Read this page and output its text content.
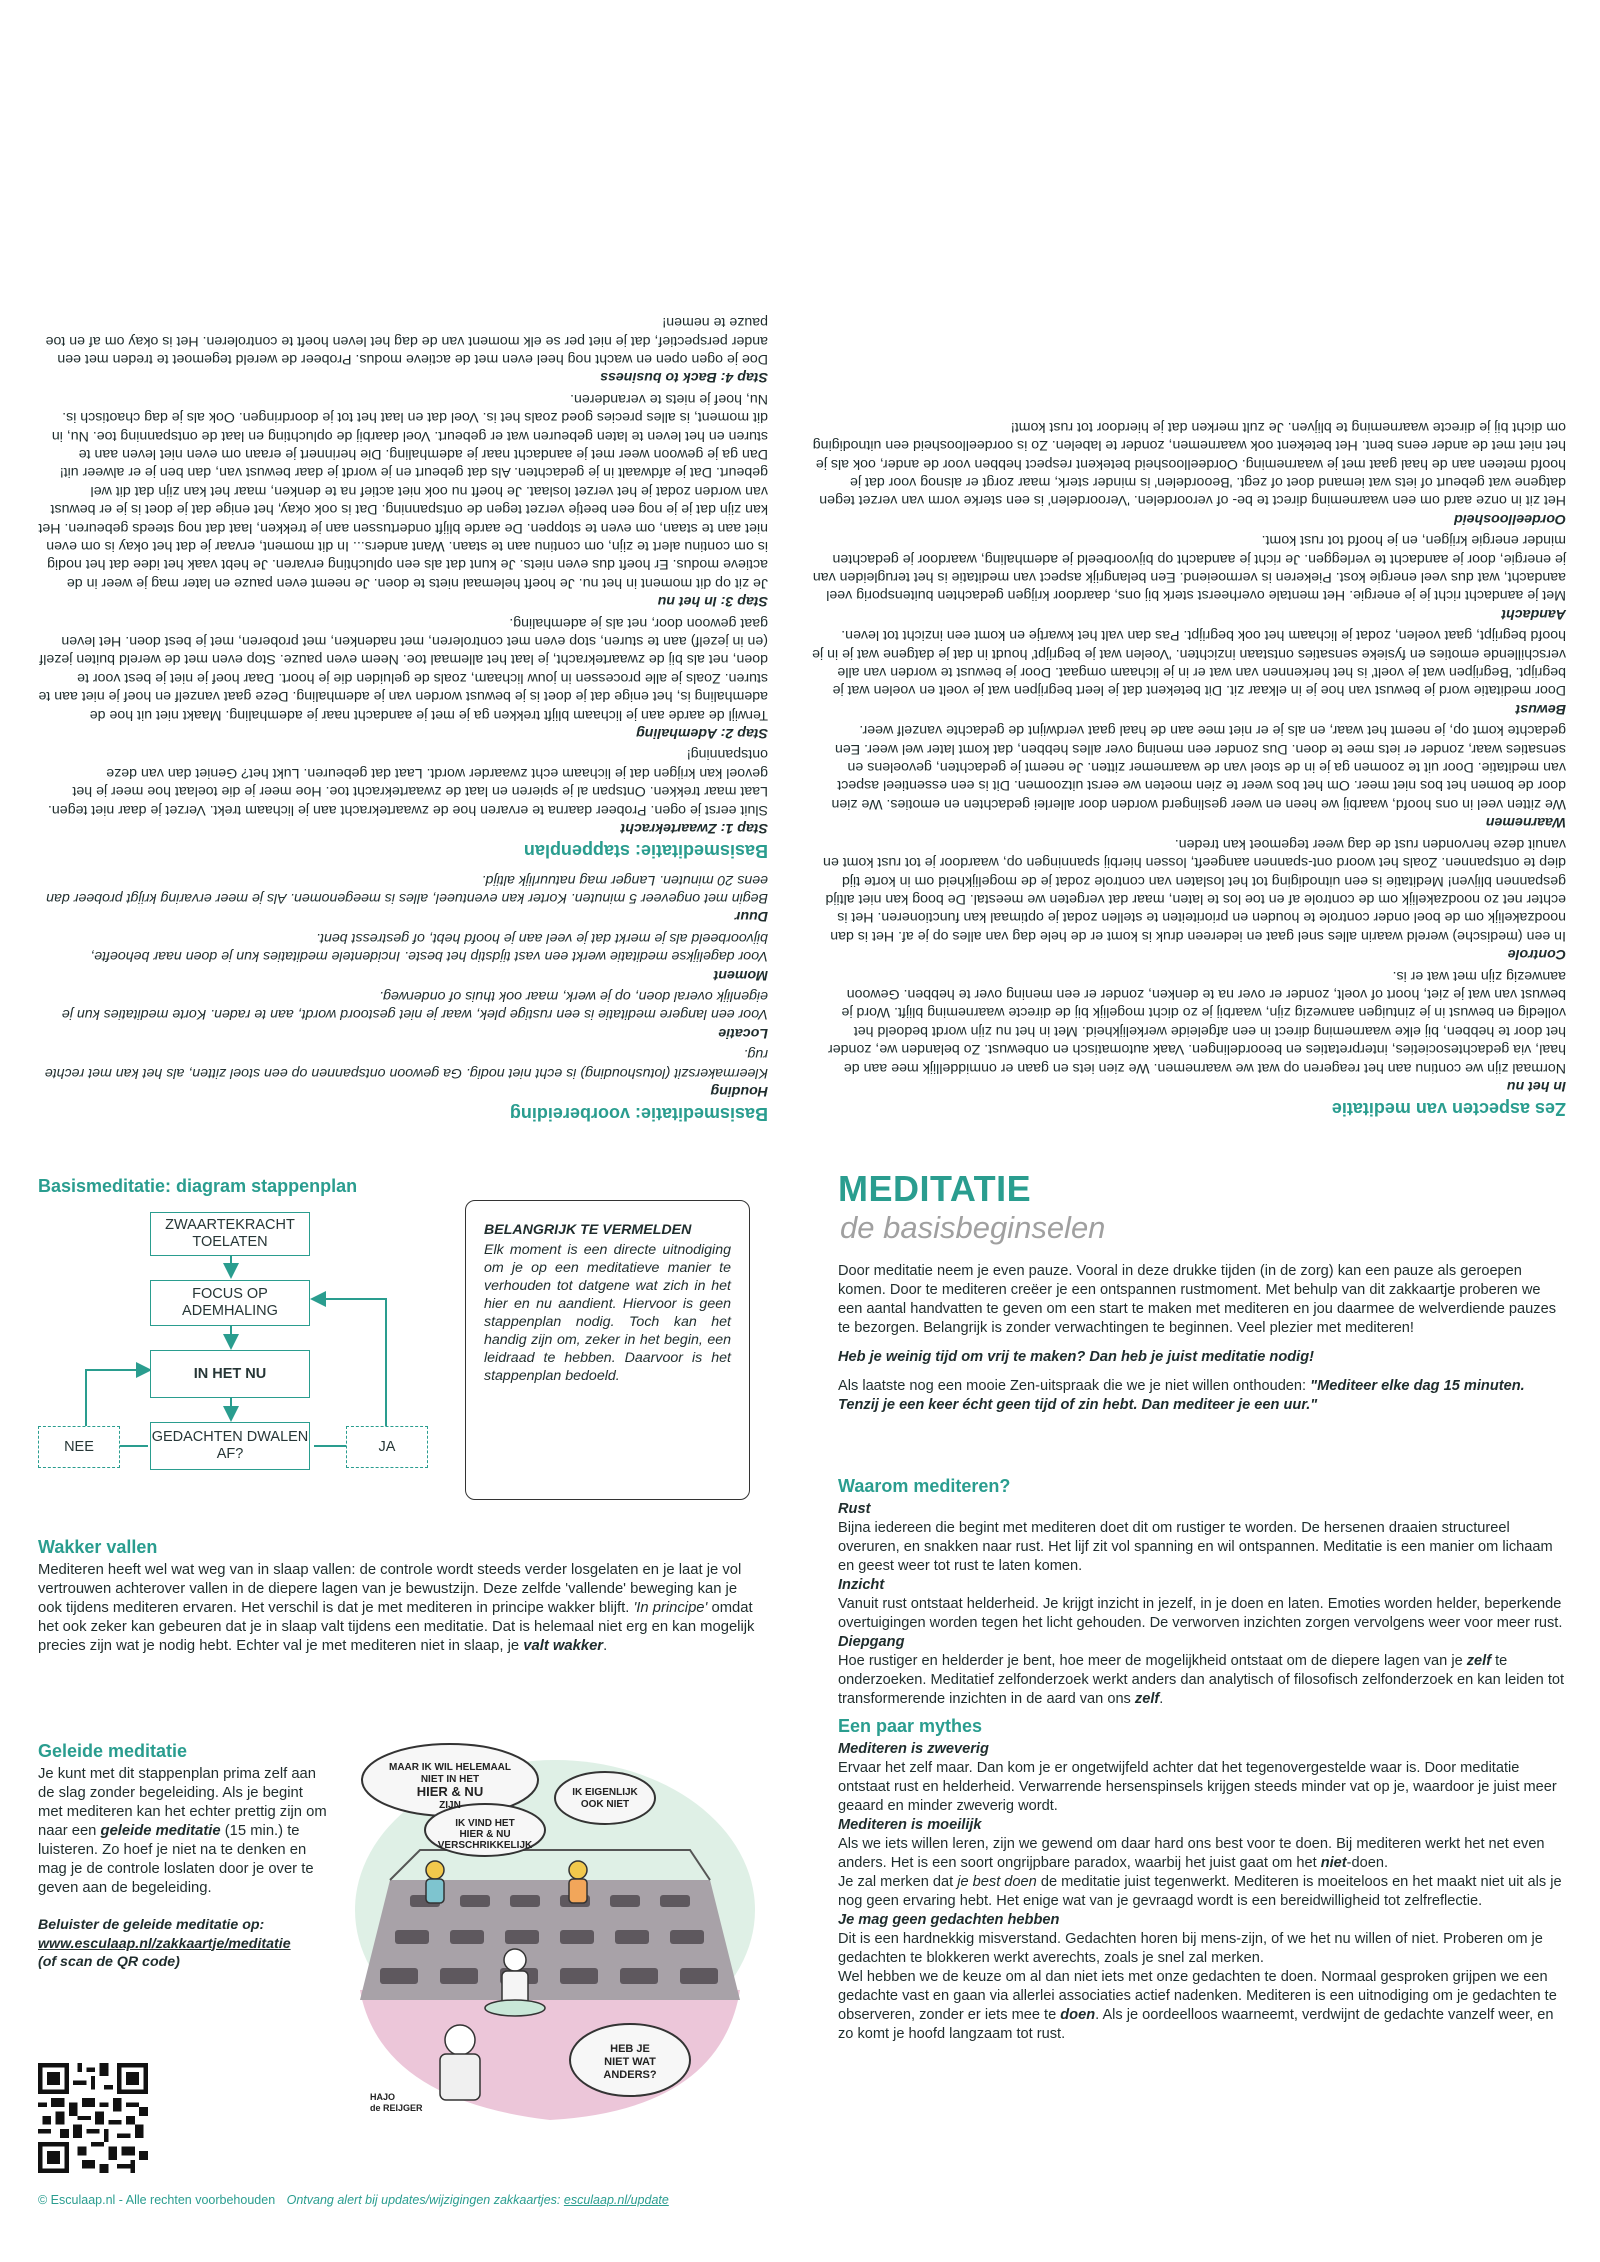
Basismeditatie: voorbereiding
Houding

Kleermakerszit (lotushouding) is echt niet nodig. Ga gewoon ontspannen op een stoel zitten, als het kan met rechte rug.

Locatie

Voor een langere meditatie is een rustige plek, waar je niet gestoord wordt, aan te raden. Korte meditaties kun je eigenlijk overal doen, op je werk, maar ook thuis of onderweg.

Moment

Voor dagelijkse meditatie werkt een vast tijdstip het beste. Incidentele meditaties kun je doen naar behoefte, bijvoorbeeld als je merkt dat je veel aan je hoofd hebt, of gestresst bent.

Duur

Begin met ongeveer 5 minuten. Korter kan eventueel, alles is meegenomen. Als je meer ervaring krijgt probeer dan eens 20 minuten. Langer mag natuurlijk altijd.

Basismeditatie: stappenplan
Stap 1: Zwaartekracht

Sluit eerst je ogen. Probeer daarna te ervaren hoe de zwaartekracht aan je lichaam trekt. Verzet je daar niet tegen. Laat maar trekken. Ontspan al je spieren en laat de zwaartekracht toe. Hoe meer je die toelaat hoe meer je het gevoel kan krijgen dat je lichaam echt zwaarder wordt. Laat dat gebeuren. Lukt het? Geniet dan van deze ontspanning!

Stap 2: Ademhaling

Terwijl de aarde aan je lichaam blijft trekken ga je met je aandacht naar je ademhaling. Maakt niet uit hoe de ademhaling is, het enige dat je doet is je bewust worden van je ademhaling. Deze gaat vanzelf en hoef je niet aan te sturen. Zoals je alle processen in jouw lichaam, zoals de geluiden die je hoort. Daar hoef je niet je best voor te doen, net als bij de zwaartekracht, je laat het allemaal toe. Neem even pauze. Stop even met de wereld buiten jezelf (en in jezelf) aan te sturen, stop even met controleren, met nadenken, met proberen, met je best doen. Het leven gaat gewoon door, net als je ademhaling.

Stap 3: In het nu

Je zit op dit moment in het nu. Je hoeft helemaal niets te doen. Je neemt even pauze en later mag je weer in de actieve modus. Er hoeft dus even niets. Je kunt dat als een opluchting ervaren. Je hebt vaak het idee dat het nodig is om continu alert te zijn, om continu aan te staan. Want anders... In dit moment, ervaar je dat het okay is om even niet aan te staan, om even te stoppen. De aarde blijft ondertussen aan je trekken, laat dat nog steeds gebeuren. Het kan zijn dat je je nog een beetje verzet tegen de ontspanning. Dat is ook okay, het enige dat je doet is je er bewust van worden zodat je het verzet loslaat. Je hoeft nu ook niet actief na te denken, maar het kan zijn dat dit wel gebeurt. Dat je afdwaalt in je gedachten. Als dat gebeurt en je wordt je daar bewust van, dan ben je er alweer uit! Dan ga je gewoon weer met je aandacht naar je ademhaling. Die herinnert je eraan om even niet leven aan te sturen en het leven te laten gebeuren wat er gebeurt. Voel daarbij de opluchting en laat de ontspanning toe. Nu, in dit moment, is alles precies goed zoals het is. Voel dat en laat het tot je doordringen. Ook als je dag chaotisch is. Nu, hoef je niets te veranderen.

Stap 4: Back to business

Doe je ogen open en wacht nog heel even met de actieve modus. Probeer de wereld tegemoet te treden met een ander perspectief, dat je niet per se elk moment van de dag het leven hoeft te controleren. Het is okay om af en toe pauze te nemen!

Zes aspecten van meditatie
In het nu

Normaal zijn we continu aan het reageren op wat we waarnemen. We zien iets en gaan er onmiddellijk mee aan de haal, via gedachtesocieties, interpretaties en beoordelingen. Vaak automatisch en onbewust. Zo belanden we, zonder het door te hebben, bij elke waarneming direct in een afgeleide werkelijkheid. Met in het nu zijn wordt bedoeld het volledig en bewust in je zintuigen aanwezig zijn, waarbij je zo dicht mogelijk bij de directe waarneming blijft. Word je bewust van wat je ziet, hoort of voelt, zonder er over na te denken, zonder er een mening over te hebben. Gewoon aanwezig zijn met wat er is.

Controle

In een (medische) wereld waarin alles snel gaat en iedereen druk is komt er de hele dag van alles op je af. Het is dan noodzakelijk om de boel onder controle te houden en prioriteiten te stellen zodat je optimaal kan functioneren. Het is echter net zo noodzakelijk om de controle af en toe los te laten, maar dat vergeten we meestal. De boog kan niet altijd gespannen blijven! Meditatie is een uitnodiging tot het loslaten van controle zodat je de mogelijkheid om in korte tijd diep te ontspannen. Zoals het woord ont-spannen aangeeft, lossen hierbij spanningen op, waardoor je tot rust komt en vanuit deze hervonden rust de dag weer tegemoet kan treden.

Waarnemen

We zitten veel in ons hoofd, waarbij we heen en weer geslingerd worden door allerlei gedachten en emoties. We zien door de bomen het bos niet meer. Om het bos weer te zien moeten we eerst uitzoomen. Dit is een essentieel aspect van meditatie. Door uit te zoomen ga je in de stoel van de waarnemer zitten. Je neemt je gedachten, gevoelens en sensaties waar, zonder er iets mee te doen. Dus zonder een mening over alles hebben, dat komt later wel weer. Een gedachte komt op, je neemt het waar, en als je er niet mee aan de haal gaat verdwijnt de gedachte vanzelf weer.

Bewust

Door meditatie word je bewust van hoe je in elkaar zit. Dit betekent dat je leert begrijpen wat je voelt en voelen wat je begrijpt. 'Begrijpen wat je voelt' is het herkennen van wat er in je lichaam omgaat. Door je bewust te worden van alle verschillende emoties en fysieke sensaties ontstaan inzichten. 'Voelen wat je begrijpt' houdt in dat je datgene wat je in je hoofd begrijpt, gaat voelen, zodat je lichaam het ook begrijpt. Pas dan valt het kwartje en komt een inzicht tot leven.

Aandacht

Met je aandacht richt je je energie. Het mentale overheerst sterk bij ons, daardoor krijgen gedachten buitensporig veel aandacht, wat dus veel energie kost. Piekeren is vermoeiend. Een belangrijk aspect van meditatie is het terugleiden van je energie, door je aandacht te verleggen. Je richt je aandacht op bijvoorbeeld je ademhaling, waardoor je gedachten minder energie krijgen, en je hoofd tot rust komt.

Oordeelloosheid

Het zit in onze aard om een waarneming direct te be- of veroordelen. 'Veroordelen' is een sterke vorm van verzet tegen datgene wat gebeurt of iets wat iemand doet of zegt. 'Beoordelen' is minder sterk, maar zorgt er alsnog voor dat je hoofd meteen aan de haal gaat met je waarneming. Oordeelloosheid betekent respect hebben voor de ander, ook als je het niet met de ander eens bent. Het betekent ook waarnemen, zonder te labelen. Zo is oordeelloosheid een uitnodiging om dicht bij je directe waarneming te blijven. Je zult merken dat je hierdoor tot rust komt!

Basismeditatie: diagram stappenplan
ZWAARTEKRACHT TOELATEN
FOCUS OP ADEMHALING
IN HET NU
GEDACHTEN DWALEN AF?
NEE	JA

BELANGRIJK TE VERMELDEN

Elk moment is een directe uitnodiging om je op een meditatieve manier te verhouden tot datgene wat zich in het hier en nu aandient. Hiervoor is geen stappenplan nodig. Toch kan het handig zijn om, zeker in het begin, een leidraad te hebben. Daarvoor is het stappenplan bedoeld.

Wakker vallen

Mediteren heeft wel wat weg van in slaap vallen: de controle wordt steeds verder losgelaten en je laat je vol vertrouwen achterover vallen in de diepere lagen van je bewustzijn. Deze zelfde 'vallende' beweging kan je ook tijdens mediteren ervaren. Het verschil is dat je met mediteren in principe wakker blijft. 'In principe' omdat het ook zeker kan gebeuren dat je in slaap valt tijdens een meditatie. Dat is helemaal niet erg en kan mogelijk precies zijn wat je nodig hebt. Echter val je met mediteren niet in slaap, je valt wakker.

Geleide meditatie

Je kunt met dit stappenplan prima zelf aan de slag zonder begeleiding. Als je begint met mediteren kan het echter prettig zijn om naar een geleide meditatie (15 min.) te luisteren. Zo hoef je niet na te denken en mag je de controle loslaten door je over te geven aan de begeleiding.

Beluister de geleide meditatie op:
www.esculaap.nl/zakkaartje/meditatie
(of scan de QR code)

MAAR IK WIL HELEMAAL
NIET IN HET
HIER & NU
ZIJN
IK VIND HET
HIER & NU
VERSCHRIKKELIJK
IK EIGENLIJK
OOK NIET
HEB JE
NIET WAT
ANDERS?
HAJO
de REIJGER
© Esculaap.nl - Alle rechten voorbehouden Ontvang alert bij updates/wijzigingen zakkaartjes: esculaap.nl/update
MEDITATIE
de basisbeginselen

Door meditatie neem je even pauze. Vooral in deze drukke tijden (in de zorg) kan een pauze als geroepen komen. Door te mediteren creëer je een ontspannen rustmoment. Met behulp van dit zakkaartje proberen we een aantal handvatten te geven om een start te maken met mediteren en jou daarmee de welverdiende pauzes te bezorgen. Belangrijk is zonder verwachtingen te beginnen. Veel plezier met mediteren!

Heb je weinig tijd om vrij te maken? Dan heb je juist meditatie nodig!

Als laatste nog een mooie Zen-uitspraak die we je niet willen onthouden: "Mediteer elke dag 15 minuten. Tenzij je een keer écht geen tijd of zin hebt. Dan mediteer je een uur."

Waarom mediteren?
Rust

Bijna iedereen die begint met mediteren doet dit om rustiger te worden. De hersenen draaien structureel overuren, en snakken naar rust. Het lijf zit vol spanning en wil ontspannen. Meditatie is een manier om lichaam en geest weer tot rust te laten komen.

Inzicht

Vanuit rust ontstaat helderheid. Je krijgt inzicht in jezelf, in je doen en laten. Emoties worden helder, beperkende overtuigingen worden tegen het licht gehouden. De verworven inzichten zorgen vervolgens weer voor meer rust.

Diepgang

Hoe rustiger en helderder je bent, hoe meer de mogelijkheid ontstaat om de diepere lagen van je zelf te onderzoeken. Meditatief zelfonderzoek werkt anders dan analytisch of filosofisch zelfonderzoek en kan leiden tot transformerende inzichten in de aard van ons zelf.

Een paar mythes
Mediteren is zweverig

Ervaar het zelf maar. Dan kom je er ongetwijfeld achter dat het tegenovergestelde waar is. Door meditatie ontstaat rust en helderheid. Verwarrende hersenspinsels krijgen steeds minder vat op je, waardoor je juist meer geaard en minder zweverig wordt.

Mediteren is moeilijk

Als we iets willen leren, zijn we gewend om daar hard ons best voor te doen. Bij mediteren werkt het net even anders. Het is een soort ongrijpbare paradox, waarbij het juist gaat om het niet-doen.

Je zal merken dat je best doen de meditatie juist tegenwerkt. Mediteren is moeiteloos en het maakt niet uit als je nog geen ervaring hebt. Het enige wat van je gevraagd wordt is een bereidwilligheid tot zelfreflectie.

Je mag geen gedachten hebben

Dit is een hardnekkig misverstand. Gedachten horen bij mens-zijn, of we het nu willen of niet. Proberen om je gedachten te blokkeren werkt averechts, zoals je snel zal merken.

Wel hebben we de keuze om al dan niet iets met onze gedachten te doen. Normaal gesproken grijpen we een gedachte vast en gaan via allerlei associaties actief nadenken. Mediteren is een uitnodiging om je gedachten te observeren, zonder er iets mee te doen. Als je oordeelloos waarneemt, verdwijnt de gedachte vanzelf weer, en zo komt je hoofd langzaam tot rust.
